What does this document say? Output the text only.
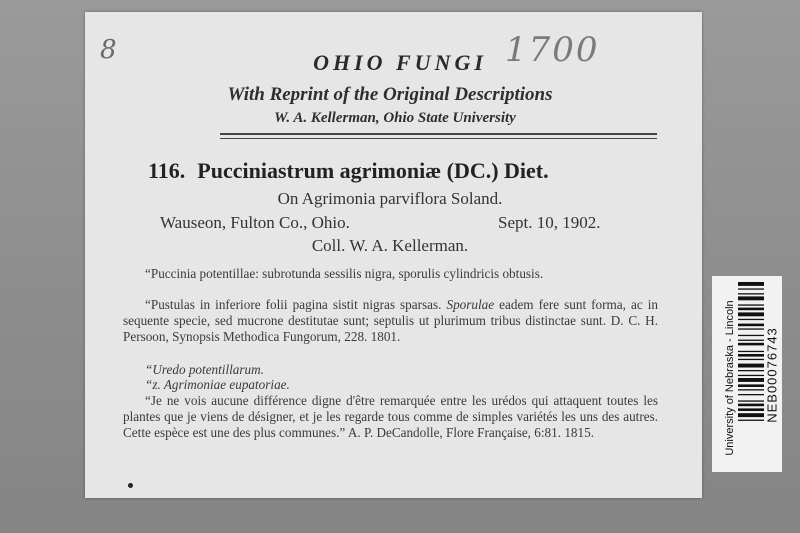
8	1700
OHIO FUNGI
With Reprint of the Original Descriptions
W. A. Kellerman, Ohio State University
116. Pucciniastrum agrimoniæ (DC.) Diet.
On Agrimonia parviflora Soland.
Wauseon, Fulton Co., Ohio.	Sept. 10, 1902.
Coll. W. A. Kellerman.
“Puccinia potentillae: subrotunda sessilis nigra, sporulis cylindricis obtusis.
“Pustulas in inferiore folii pagina sistit nigras sparsas. Sporulae eadem fere sunt forma, ac in sequente specie, sed mucrone destitutae sunt; septulis ut plurimum tribus distinctae sunt. D. C. H. Persoon, Synopsis Methodica Fungorum, 228. 1801.
“Uredo potentillarum.
“z. Agrimoniae eupatoriae.
“Je ne vois aucune différence digne d'être remarquée entre les urédos qui attaquent toutes les plantes que je viens de désigner, et je les regarde tous comme de simples variétés les uns des autres. Cette espèce est une des plus communes.” A. P. DeCandolle, Flore Française, 6:81. 1815.	University of Nebraska - Lincoln NEB00076743
